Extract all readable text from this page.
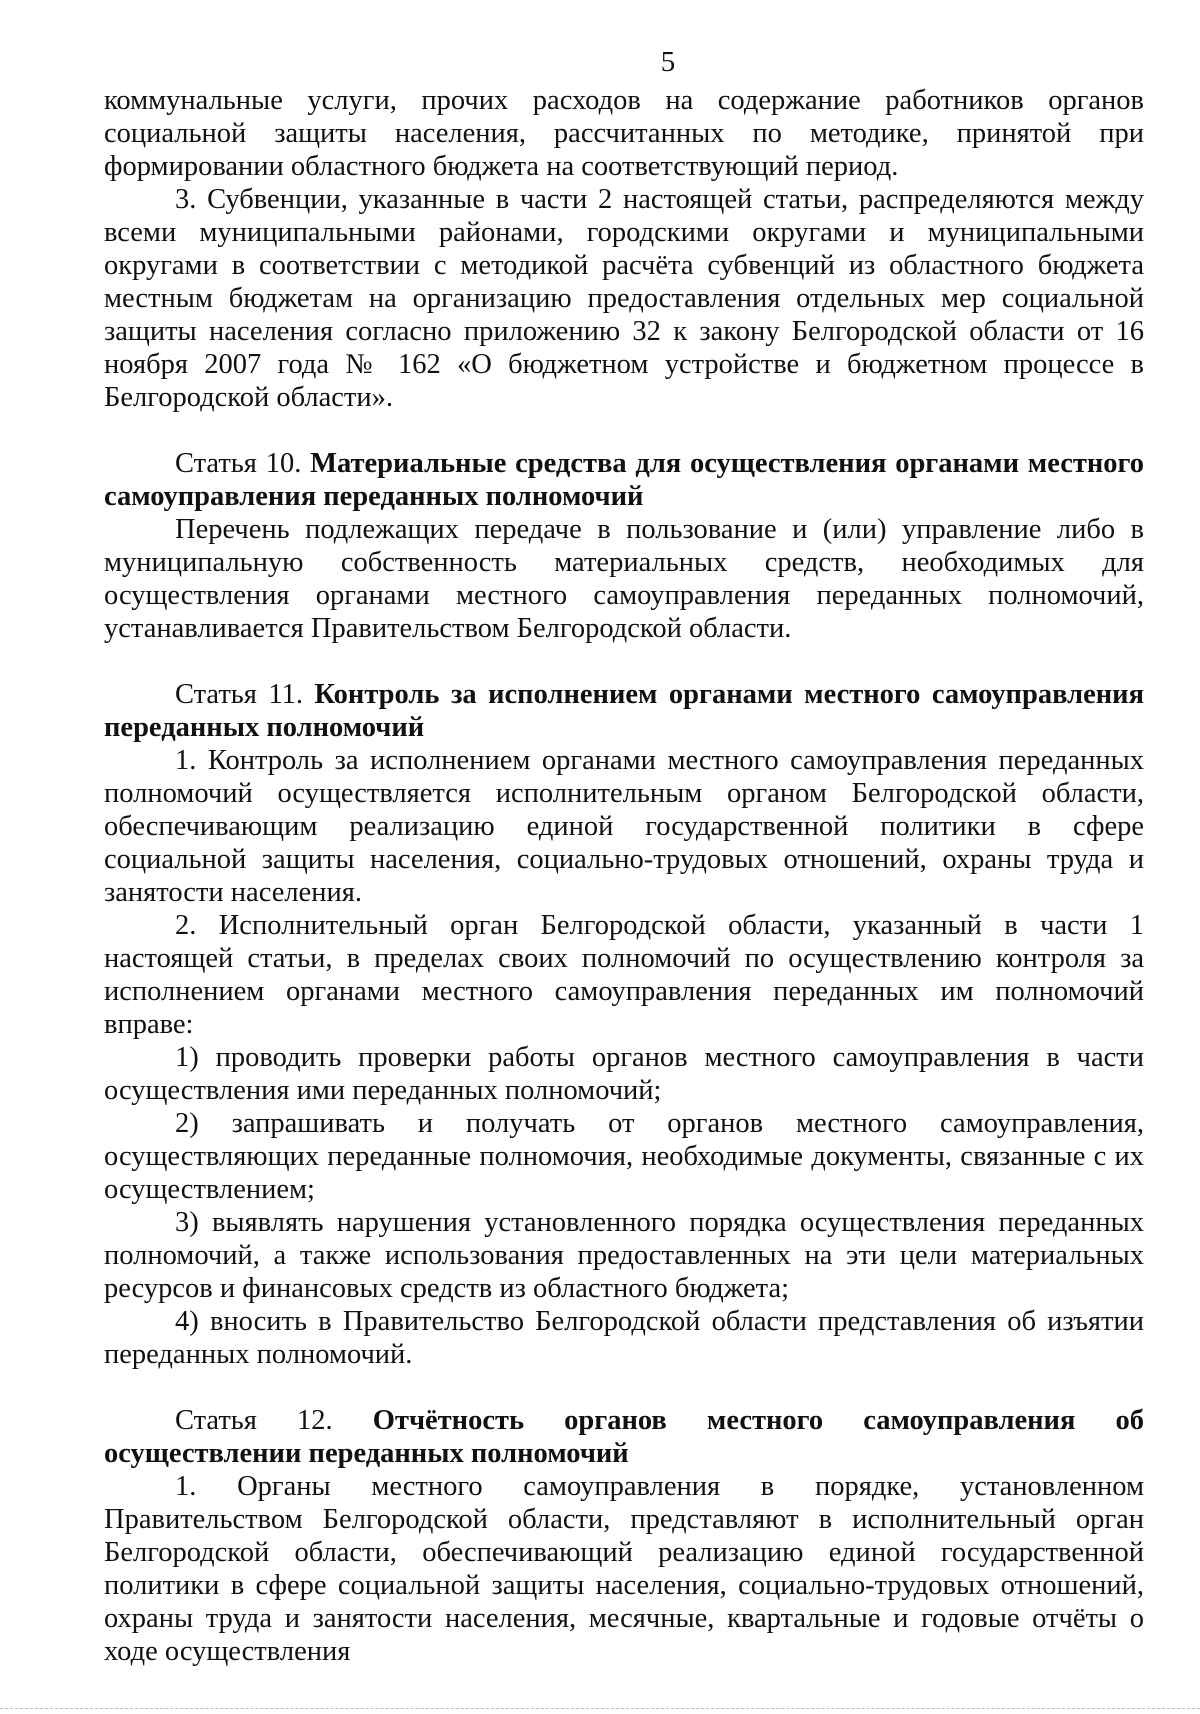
5

коммунальные услуги, прочих расходов на содержание работников органов социальной защиты населения, рассчитанных по методике, принятой при формировании областного бюджета на соответствующий период.

3. Субвенции, указанные в части 2 настоящей статьи, распределяются между всеми муниципальными районами, городскими округами и муниципальными округами в соответствии с методикой расчёта субвенций из областного бюджета местным бюджетам на организацию предоставления отдельных мер социальной защиты населения согласно приложению 32 к закону Белгородской области от 16 ноября 2007 года № 162 «О бюджетном устройстве и бюджетном процессе в Белгородской области».

Статья 10. Материальные средства для осуществления органами местного самоуправления переданных полномочий

Перечень подлежащих передаче в пользование и (или) управление либо в муниципальную собственность материальных средств, необходимых для осуществления органами местного самоуправления переданных полномочий, устанавливается Правительством Белгородской области.

Статья 11. Контроль за исполнением органами местного самоуправления переданных полномочий

1. Контроль за исполнением органами местного самоуправления переданных полномочий осуществляется исполнительным органом Белгородской области, обеспечивающим реализацию единой государственной политики в сфере социальной защиты населения, социально-трудовых отношений, охраны труда и занятости населения.

2. Исполнительный орган Белгородской области, указанный в части 1 настоящей статьи, в пределах своих полномочий по осуществлению контроля за исполнением органами местного самоуправления переданных им полномочий вправе:

1) проводить проверки работы органов местного самоуправления в части осуществления ими переданных полномочий;

2) запрашивать и получать от органов местного самоуправления, осуществляющих переданные полномочия, необходимые документы, связанные с их осуществлением;

3) выявлять нарушения установленного порядка осуществления переданных полномочий, а также использования предоставленных на эти цели материальных ресурсов и финансовых средств из областного бюджета;

4) вносить в Правительство Белгородской области представления об изъятии переданных полномочий.

Статья 12. Отчётность органов местного самоуправления об осуществлении переданных полномочий

1. Органы местного самоуправления в порядке, установленном Правительством Белгородской области, представляют в исполнительный орган Белгородской области, обеспечивающий реализацию единой государственной политики в сфере социальной защиты населения, социально-трудовых отношений, охраны труда и занятости населения, месячные, квартальные и годовые отчёты о ходе осуществления
